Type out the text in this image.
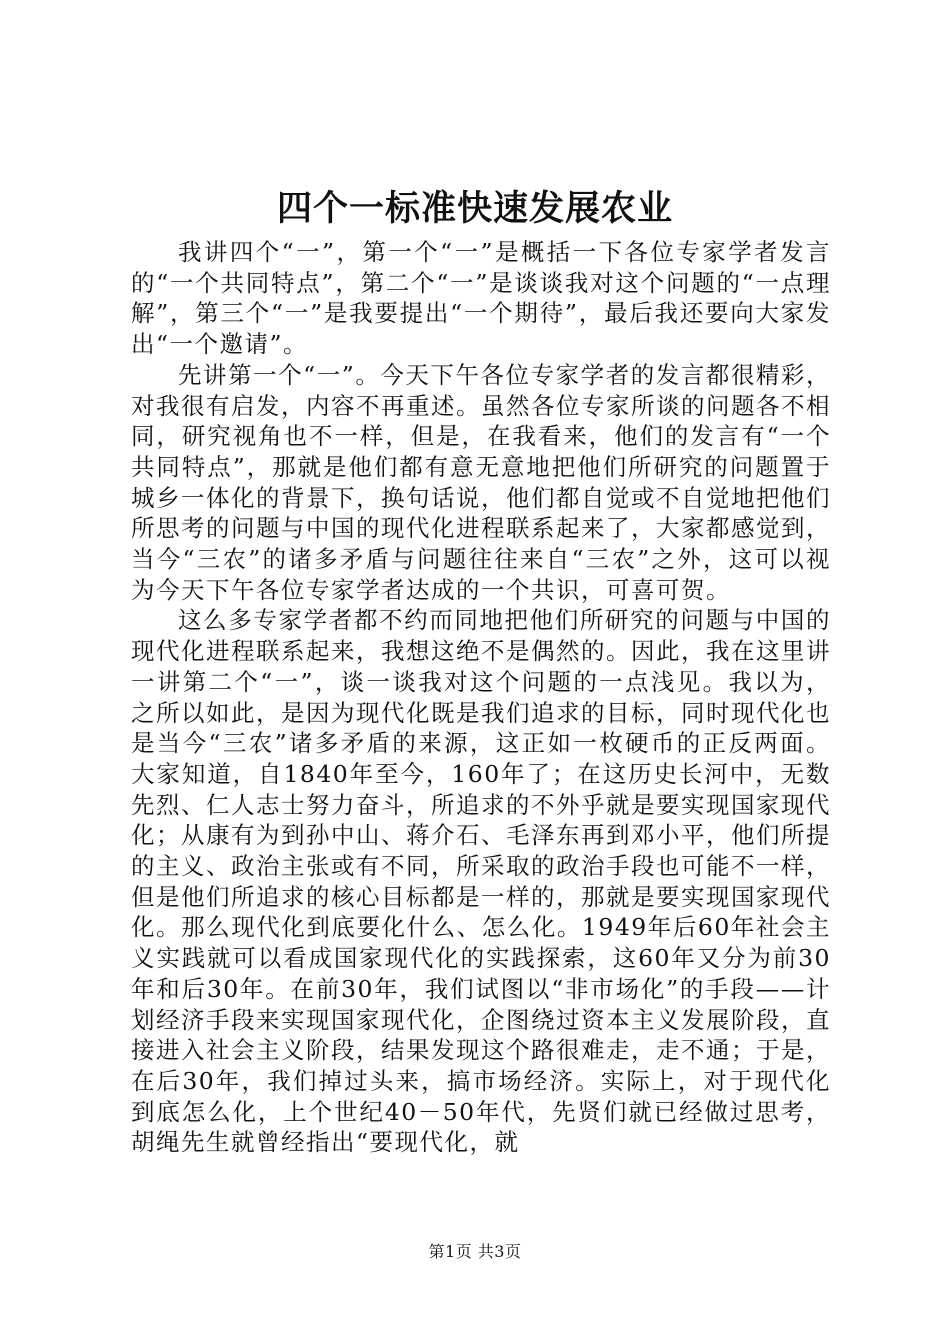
四个一标准快速发展农业

我讲四个“一”，第一个“一”是概括一下各位专家学者发言的“一个共同特点”，第二个“一”是谈谈我对这个问题的“一点理解”，第三个“一”是我要提出“一个期待”，最后我还要向大家发出“一个邀请”。

先讲第一个“一”。今天下午各位专家学者的发言都很精彩，对我很有启发，内容不再重述。虽然各位专家所谈的问题各不相同，研究视角也不一样，但是，在我看来，他们的发言有“一个共同特点”，那就是他们都有意无意地把他们所研究的问题置于城乡一体化的背景下，换句话说，他们都自觉或不自觉地把他们所思考的问题与中国的现代化进程联系起来了，大家都感觉到，当今“三农”的诸多矛盾与问题往往来自“三农”之外，这可以视为今天下午各位专家学者达成的一个共识，可喜可贺。

这么多专家学者都不约而同地把他们所研究的问题与中国的现代化进程联系起来，我想这绝不是偶然的。因此，我在这里讲一讲第二个“一”，谈一谈我对这个问题的一点浅见。我以为，之所以如此，是因为现代化既是我们追求的目标，同时现代化也是当今“三农”诸多矛盾的来源，这正如一枚硬币的正反两面。大家知道，自1840年至今，160年了；在这历史长河中，无数先烈、仁人志士努力奋斗，所追求的不外乎就是要实现国家现代化；从康有为到孙中山、蒋介石、毛泽东再到邓小平，他们所提的主义、政治主张或有不同，所采取的政治手段也可能不一样，但是他们所追求的核心目标都是一样的，那就是要实现国家现代化。那么现代化到底要化什么、怎么化。1949年后60年社会主义实践就可以看成国家现代化的实践探索，这60年又分为前30年和后30年。在前30年，我们试图以“非市场化”的手段——计划经济手段来实现国家现代化，企图绕过资本主义发展阶段，直接进入社会主义阶段，结果发现这个路很难走，走不通；于是，在后30年，我们掉过头来，搞市场经济。实际上，对于现代化到底怎么化，上个世纪40－50年代，先贤们就已经做过思考，胡绳先生就曾经指出“要现代化，就

第1页 共3页
